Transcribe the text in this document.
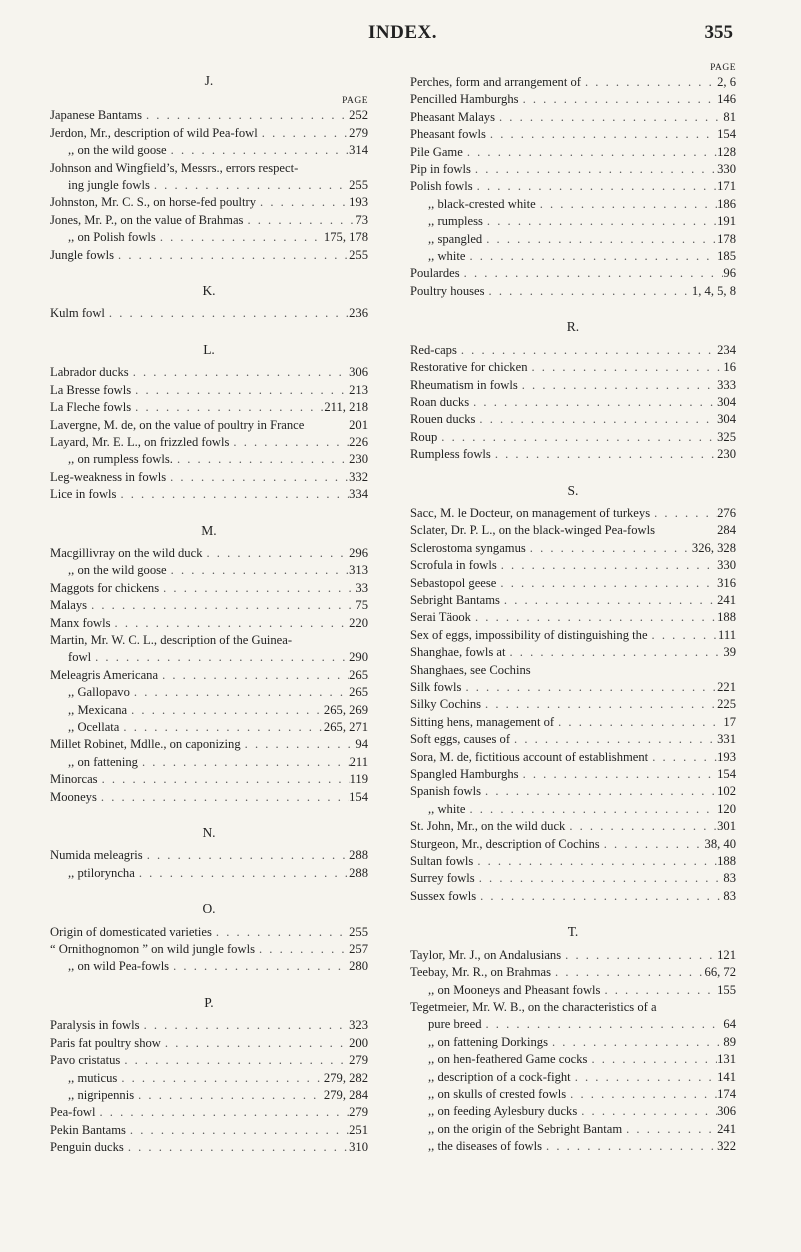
INDEX.	355
J.
PAGE
Japanese Bantams . . .	252
Jerdon, Mr., description of wild Pea-fowl . . .	279
,, on the wild goose . . .	314
Johnson and Wingfield’s, Messrs., errors respect-
ing jungle fowls . . .	255
Johnston, Mr. C. S., on horse-fed poultry . . .	193
Jones, Mr. P., on the value of Brahmas . . .	73
,, on Polish fowls . . .	175, 178
Jungle fowls . . .	255
K.
Kulm fowl . . .	236
L.
Labrador ducks . . .	306
La Bresse fowls . . .	213
La Fleche fowls . . .	211, 218
Lavergne, M. de, on the value of poultry in France	201
Layard, Mr. E. L., on frizzled fowls . . .	226
,, on rumpless fowls. . . .	230
Leg-weakness in fowls . . .	332
Lice in fowls . . .	334
M.
Macgillivray on the wild duck . . .	296
,, on the wild goose . . .	313
Maggots for chickens . . .	33
Malays . . .	75
Manx fowls . . .	220
Martin, Mr. W. C. L., description of the Guinea-
fowl . . .	290
Meleagris Americana . . .	265
,, Gallopavo . . .	265
,, Mexicana . . .	265, 269
,, Ocellata . . .	265, 271
Millet Robinet, Mdlle., on caponizing . . .	94
,, on fattening . . .	211
Minorcas . . .	119
Mooneys . . .	154
N.
Numida meleagris . . .	288
,, ptiloryncha . . .	288
O.
Origin of domesticated varieties . . .	255
“ Ornithognomon ” on wild jungle fowls . . .	257
,, on wild Pea-fowls . . .	280
P.
Paralysis in fowls . . .	323
Paris fat poultry show . . .	200
Pavo cristatus . . .	279
,, muticus . . .	279, 282
,, nigripennis . . .	279, 284
Pea-fowl . . .	279
Pekin Bantams . . .	251
Penguin ducks . . .	310
PAGE
Perches, form and arrangement of . . .	2, 6
Pencilled Hamburghs . . .	146
Pheasant Malays . . .	81
Pheasant fowls . . .	154
Pile Game . . .	128
Pip in fowls . . .	330
Polish fowls . . .	171
,, black-crested white . . .	186
,, rumpless . . .	191
,, spangled . . .	178
,, white . . .	185
Poulardes . . .	96
Poultry houses . . .	1, 4, 5, 8
R.
Red-caps . . .	234
Restorative for chicken . . .	16
Rheumatism in fowls . . .	333
Roan ducks . . .	304
Rouen ducks . . .	304
Roup . . .	325
Rumpless fowls . . .	230
S.
Sacc, M. le Docteur, on management of turkeys . . .	276
Sclater, Dr. P. L., on the black-winged Pea-fowls	284
Sclerostoma syngamus . . .	326, 328
Scrofula in fowls . . .	330
Sebastopol geese . . .	316
Sebright Bantams . . .	241
Serai Täook . . .	188
Sex of eggs, impossibility of distinguishing the . . .	111
Shanghae, fowls at . . .	39
Shanghaes, see Cochins
Silk fowls . . .	221
Silky Cochins . . .	225
Sitting hens, management of . . .	17
Soft eggs, causes of . . .	331
Sora, M. de, fictitious account of establishment . . .	193
Spangled Hamburghs . . .	154
Spanish fowls . . .	102
,, white . . .	120
St. John, Mr., on the wild duck . . .	301
Sturgeon, Mr., description of Cochins . . .	38, 40
Sultan fowls . . .	188
Surrey fowls . . .	83
Sussex fowls . . .	83
T.
Taylor, Mr. J., on Andalusians . . .	121
Teebay, Mr. R., on Brahmas . . .	66, 72
,, on Mooneys and Pheasant fowls . . .	155
Tegetmeier, Mr. W. B., on the characteristics of a
pure breed . . .	64
,, on fattening Dorkings . . .	89
,, on hen-feathered Game cocks . . .	131
,, description of a cock-fight . . .	141
,, on skulls of crested fowls . . .	174
,, on feeding Aylesbury ducks . . .	306
,, on the origin of the Sebright Bantam . . .	241
,, the diseases of fowls . . .	322
